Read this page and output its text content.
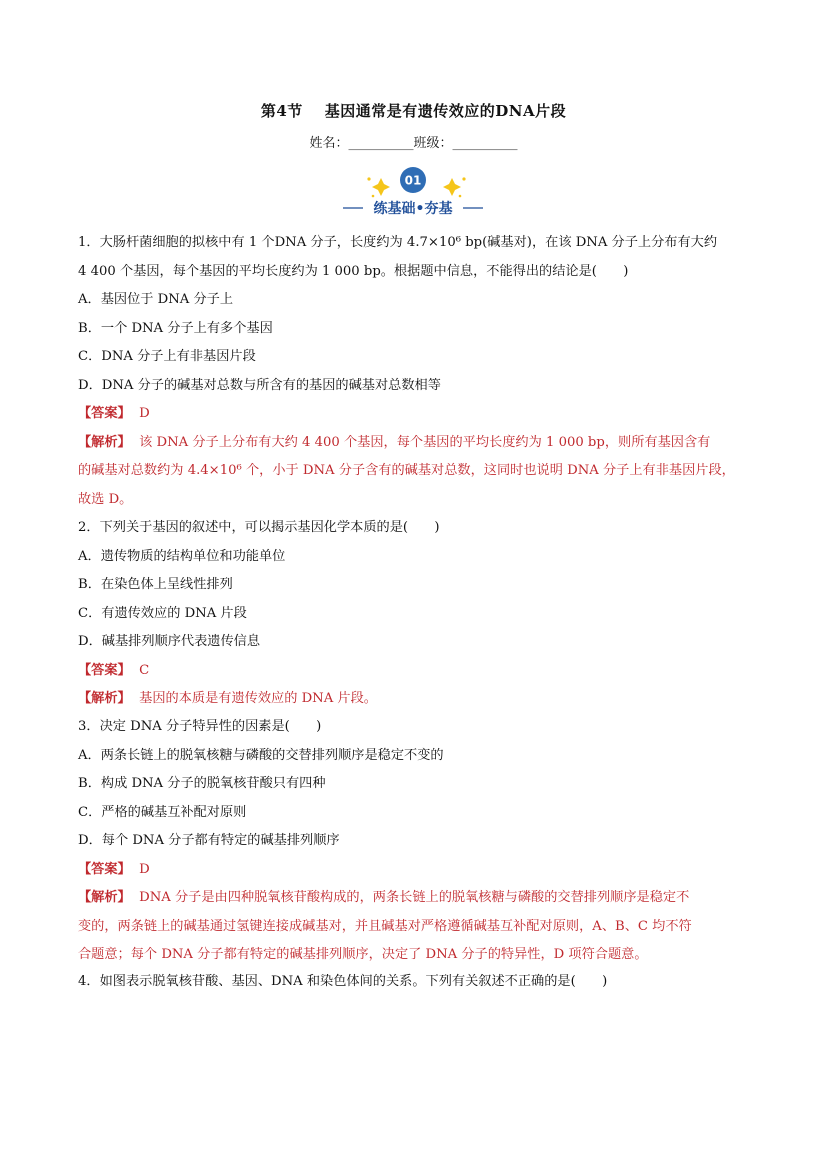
第4节 基因通常是有遗传效应的DNA片段
姓名：__________班级：__________
01
练基础•夯基
1．大肠杆菌细胞的拟核中有 1 个DNA 分子，长度约为 4.7×10⁶ bp(碱基对)，在该 DNA 分子上分布有大约
4 400 个基因，每个基因的平均长度约为 1 000 bp。根据题中信息，不能得出的结论是(　　)
A．基因位于 DNA 分子上
B．一个 DNA 分子上有多个基因
C．DNA 分子上有非基因片段
D．DNA 分子的碱基对总数与所含有的基因的碱基对总数相等
【答案】 D
【解析】 该 DNA 分子上分布有大约 4 400 个基因，每个基因的平均长度约为 1 000 bp，则所有基因含有
的碱基对总数约为 4.4×10⁶ 个，小于 DNA 分子含有的碱基对总数，这同时也说明 DNA 分子上有非基因片段，
故选 D。
2．下列关于基因的叙述中，可以揭示基因化学本质的是(　　)
A．遗传物质的结构单位和功能单位
B．在染色体上呈线性排列
C．有遗传效应的 DNA 片段
D．碱基排列顺序代表遗传信息
【答案】 C
【解析】 基因的本质是有遗传效应的 DNA 片段。
3．决定 DNA 分子特异性的因素是(　　)
A．两条长链上的脱氧核糖与磷酸的交替排列顺序是稳定不变的
B．构成 DNA 分子的脱氧核苷酸只有四种
C．严格的碱基互补配对原则
D．每个 DNA 分子都有特定的碱基排列顺序
【答案】 D
【解析】 DNA 分子是由四种脱氧核苷酸构成的，两条长链上的脱氧核糖与磷酸的交替排列顺序是稳定不
变的，两条链上的碱基通过氢键连接成碱基对，并且碱基对严格遵循碱基互补配对原则，A、B、C 均不符
合题意；每个 DNA 分子都有特定的碱基排列顺序，决定了 DNA 分子的特异性，D 项符合题意。
4．如图表示脱氧核苷酸、基因、DNA 和染色体间的关系。下列有关叙述不正确的是(　　)
